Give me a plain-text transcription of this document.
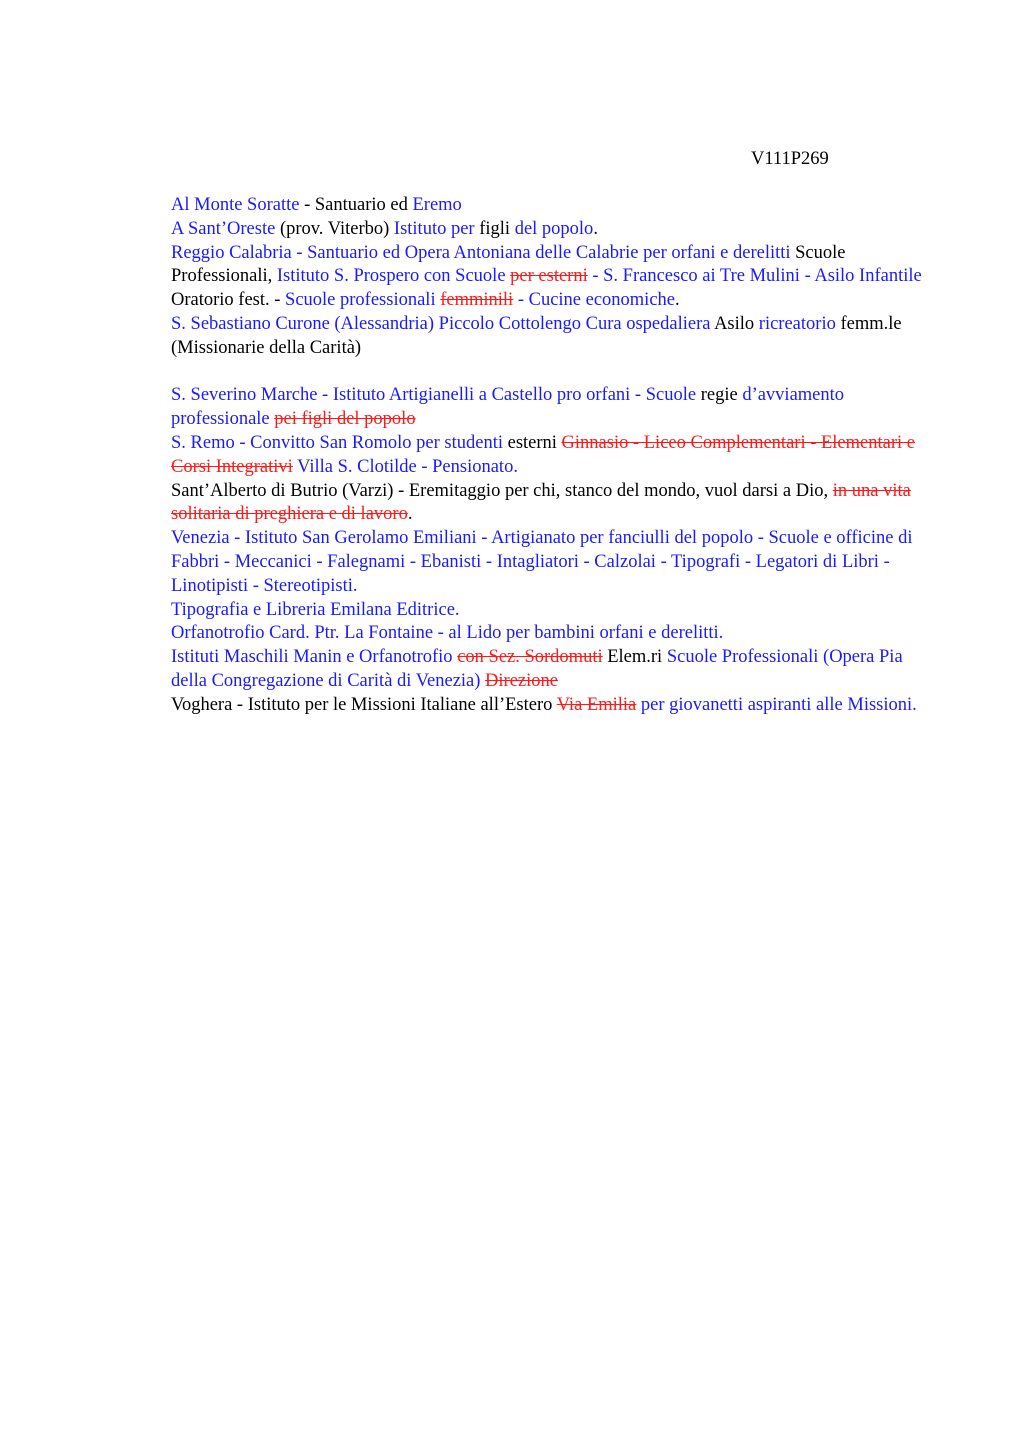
V111P269

Al Monte Soratte - Santuario ed Eremo

A Sant’Oreste (prov. Viterbo) Istituto per figli del popolo.

Reggio Calabria - Santuario ed Opera Antoniana delle Calabrie per orfani e derelitti Scuole Professionali, Istituto S. Prospero con Scuole per esterni - S. Francesco ai Tre Mulini - Asilo Infantile Oratorio fest. - Scuole professionali femminili - Cucine economiche.

S. Sebastiano Curone (Alessandria) Piccolo Cottolengo Cura ospedaliera Asilo ricreatorio femm.le (Missionarie della Carità)

S. Severino Marche - Istituto Artigianelli a Castello pro orfani - Scuole regie d’avviamento professionale pei figli del popolo

S. Remo - Convitto San Romolo per studenti esterni Ginnasio - Liceo Complementari - Elementari e Corsi Integrativi Villa S. Clotilde - Pensionato.

Sant’Alberto di Butrio (Varzi) - Eremitaggio per chi, stanco del mondo, vuol darsi a Dio, in una vita solitaria di preghiera e di lavoro.

Venezia - Istituto San Gerolamo Emiliani - Artigianato per fanciulli del popolo - Scuole e officine di Fabbri - Meccanici - Falegnami - Ebanisti - Intagliatori - Calzolai - Tipografi - Legatori di Libri - Linotipisti - Stereotipisti.

Tipografia e Libreria Emilana Editrice.

Orfanotrofio Card. Ptr. La Fontaine - al Lido per bambini orfani e derelitti.

Istituti Maschili Manin e Orfanotrofio con Sez. Sordomuti Elem.ri Scuole Professionali (Opera Pia della Congregazione di Carità di Venezia) Direzione

Voghera - Istituto per le Missioni Italiane all’Estero Via Emilia per giovanetti aspiranti alle Missioni.
